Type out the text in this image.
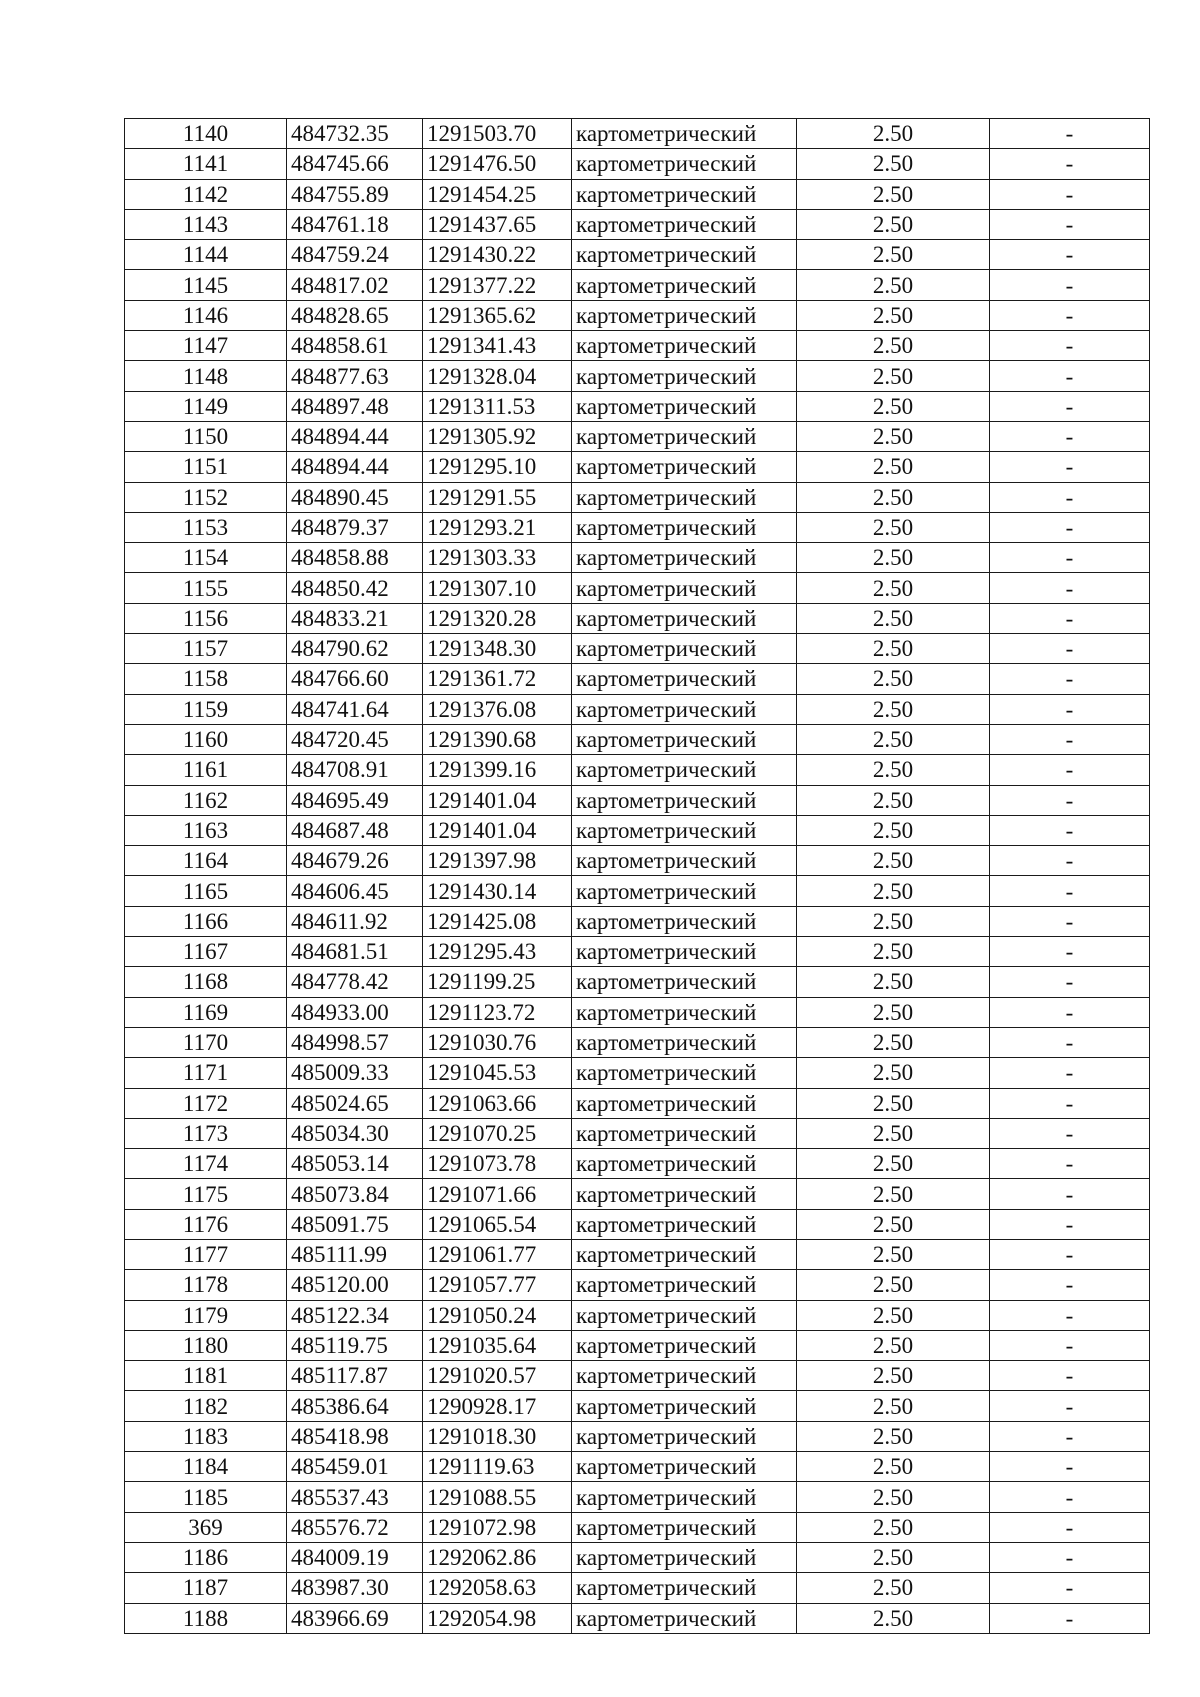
1140	484732.35	1291503.70	картометрический	2.50	-
1141	484745.66	1291476.50	картометрический	2.50	-
1142	484755.89	1291454.25	картометрический	2.50	-
1143	484761.18	1291437.65	картометрический	2.50	-
1144	484759.24	1291430.22	картометрический	2.50	-
1145	484817.02	1291377.22	картометрический	2.50	-
1146	484828.65	1291365.62	картометрический	2.50	-
1147	484858.61	1291341.43	картометрический	2.50	-
1148	484877.63	1291328.04	картометрический	2.50	-
1149	484897.48	1291311.53	картометрический	2.50	-
1150	484894.44	1291305.92	картометрический	2.50	-
1151	484894.44	1291295.10	картометрический	2.50	-
1152	484890.45	1291291.55	картометрический	2.50	-
1153	484879.37	1291293.21	картометрический	2.50	-
1154	484858.88	1291303.33	картометрический	2.50	-
1155	484850.42	1291307.10	картометрический	2.50	-
1156	484833.21	1291320.28	картометрический	2.50	-
1157	484790.62	1291348.30	картометрический	2.50	-
1158	484766.60	1291361.72	картометрический	2.50	-
1159	484741.64	1291376.08	картометрический	2.50	-
1160	484720.45	1291390.68	картометрический	2.50	-
1161	484708.91	1291399.16	картометрический	2.50	-
1162	484695.49	1291401.04	картометрический	2.50	-
1163	484687.48	1291401.04	картометрический	2.50	-
1164	484679.26	1291397.98	картометрический	2.50	-
1165	484606.45	1291430.14	картометрический	2.50	-
1166	484611.92	1291425.08	картометрический	2.50	-
1167	484681.51	1291295.43	картометрический	2.50	-
1168	484778.42	1291199.25	картометрический	2.50	-
1169	484933.00	1291123.72	картометрический	2.50	-
1170	484998.57	1291030.76	картометрический	2.50	-
1171	485009.33	1291045.53	картометрический	2.50	-
1172	485024.65	1291063.66	картометрический	2.50	-
1173	485034.30	1291070.25	картометрический	2.50	-
1174	485053.14	1291073.78	картометрический	2.50	-
1175	485073.84	1291071.66	картометрический	2.50	-
1176	485091.75	1291065.54	картометрический	2.50	-
1177	485111.99	1291061.77	картометрический	2.50	-
1178	485120.00	1291057.77	картометрический	2.50	-
1179	485122.34	1291050.24	картометрический	2.50	-
1180	485119.75	1291035.64	картометрический	2.50	-
1181	485117.87	1291020.57	картометрический	2.50	-
1182	485386.64	1290928.17	картометрический	2.50	-
1183	485418.98	1291018.30	картометрический	2.50	-
1184	485459.01	1291119.63	картометрический	2.50	-
1185	485537.43	1291088.55	картометрический	2.50	-
369	485576.72	1291072.98	картометрический	2.50	-
1186	484009.19	1292062.86	картометрический	2.50	-
1187	483987.30	1292058.63	картометрический	2.50	-
1188	483966.69	1292054.98	картометрический	2.50	-
